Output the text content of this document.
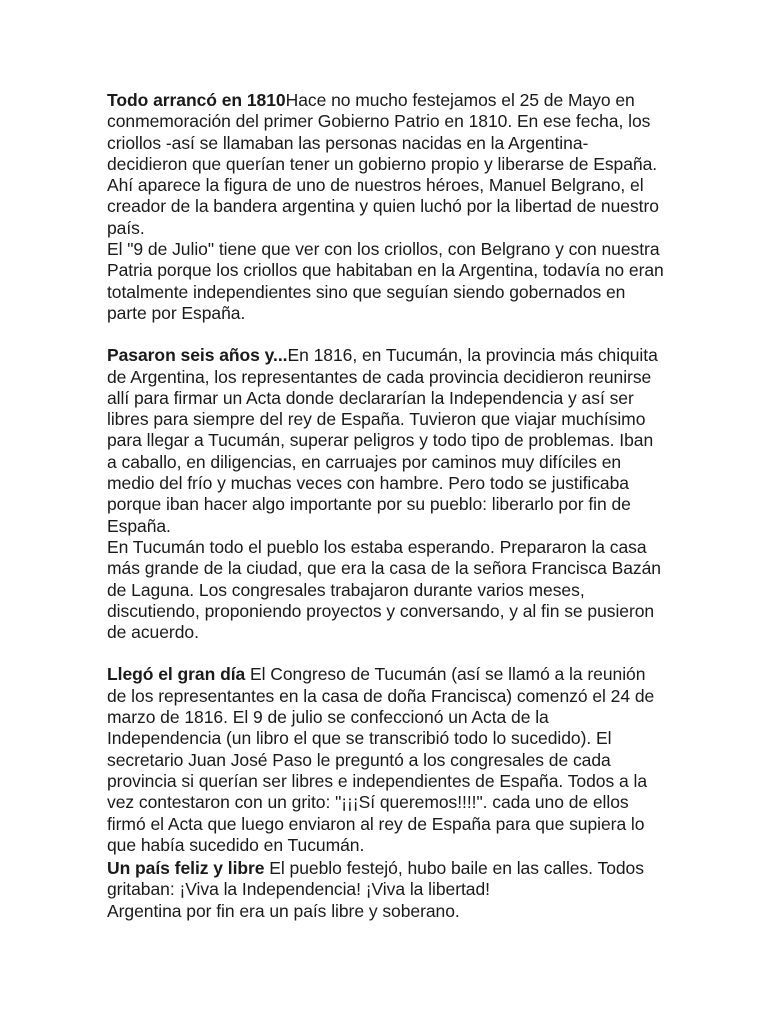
Todo arrancó en 1810Hace no mucho festejamos el 25 de Mayo en conmemoración del primer Gobierno Patrio en 1810. En ese fecha, los criollos -así se llamaban las personas nacidas en la Argentina- decidieron que querían tener un gobierno propio y liberarse de España. Ahí aparece la figura de uno de nuestros héroes, Manuel Belgrano, el creador de la bandera argentina y quien luchó por la libertad de nuestro país.
El "9 de Julio" tiene que ver con los criollos, con Belgrano y con nuestra Patria porque los criollos que habitaban en la Argentina, todavía no eran totalmente independientes sino que seguían siendo gobernados en parte por España.

Pasaron seis años y...En 1816, en Tucumán, la provincia más chiquita de Argentina, los representantes de cada provincia decidieron reunirse allí para firmar un Acta donde declararían la Independencia y así ser libres para siempre del rey de España. Tuvieron que viajar muchísimo para llegar a Tucumán, superar peligros y todo tipo de problemas. Iban a caballo, en diligencias, en carruajes por caminos muy difíciles en medio del frío y muchas veces con hambre. Pero todo se justificaba porque iban hacer algo importante por su pueblo: liberarlo por fin de España.
En Tucumán todo el pueblo los estaba esperando. Prepararon la casa más grande de la ciudad, que era la casa de la señora Francisca Bazán de Laguna. Los congresales trabajaron durante varios meses, discutiendo, proponiendo proyectos y conversando, y al fin se pusieron de acuerdo.

Llegó el gran día El Congreso de Tucumán (así se llamó a la reunión de los representantes en la casa de doña Francisca) comenzó el 24 de marzo de 1816. El 9 de julio se confeccionó un Acta de la Independencia (un libro el que se transcribió todo lo sucedido). El secretario Juan José Paso le preguntó a los congresales de cada provincia si querían ser libres e independientes de España. Todos a la vez contestaron con un grito: "¡¡¡Sí queremos!!!!". cada uno de ellos firmó el Acta que luego enviaron al rey de España para que supiera lo que había sucedido en Tucumán.

Un país feliz y libre El pueblo festejó, hubo baile en las calles. Todos gritaban: ¡Viva la Independencia! ¡Viva la libertad!
Argentina por fin era un país libre y soberano.
